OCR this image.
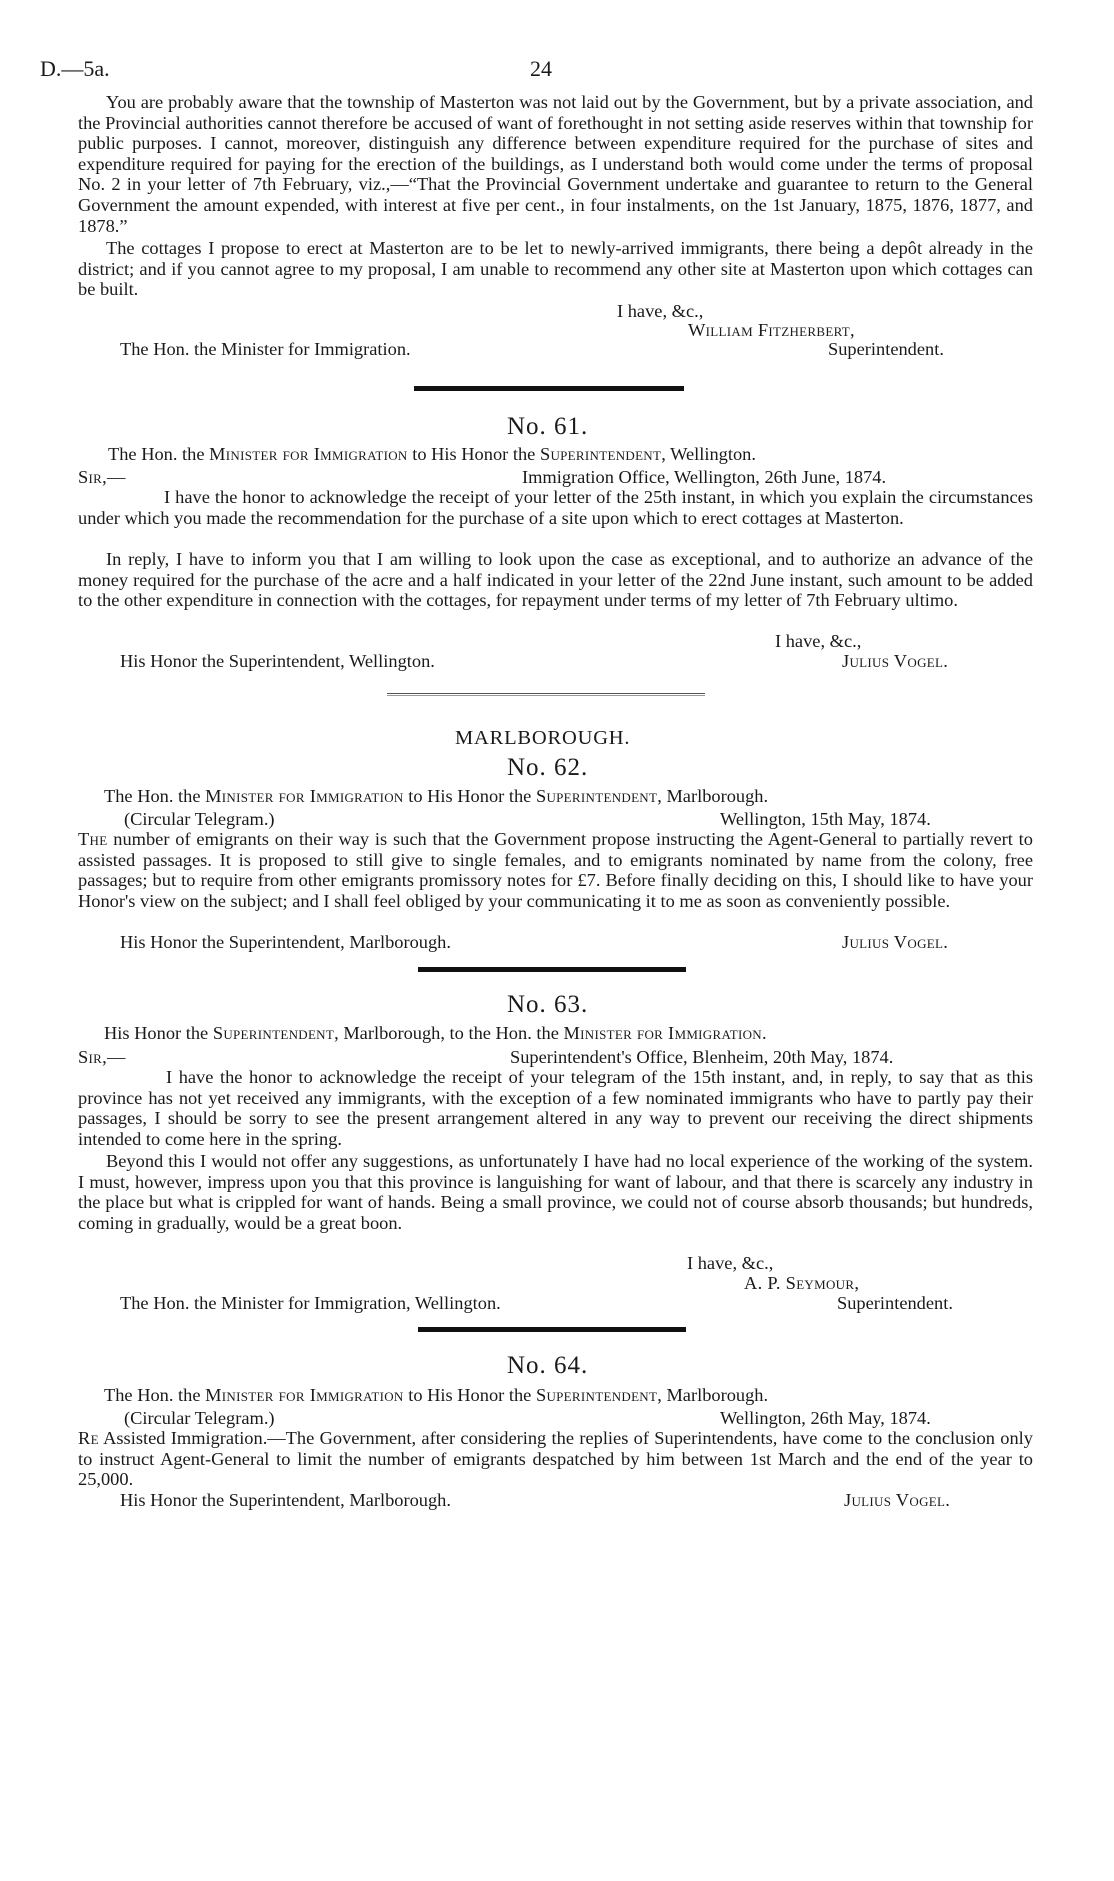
D.—5a.	24
You are probably aware that the township of Masterton was not laid out by the Government, but by a private association, and the Provincial authorities cannot therefore be accused of want of forethought in not setting aside reserves within that township for public purposes. I cannot, moreover, distinguish any difference between expenditure required for the purchase of sites and expenditure required for paying for the erection of the buildings, as I understand both would come under the terms of proposal No. 2 in your letter of 7th February, viz.,—“That the Provincial Government undertake and guarantee to return to the General Government the amount expended, with interest at five per cent., in four instalments, on the 1st January, 1875, 1876, 1877, and 1878.”
The cottages I propose to erect at Masterton are to be let to newly-arrived immigrants, there being a depôt already in the district; and if you cannot agree to my proposal, I am unable to recommend any other site at Masterton upon which cottages can be built.
I have, &c.,
William Fitzherbert,
The Hon. the Minister for Immigration.	Superintendent.
No. 61.
The Hon. the Minister for Immigration to His Honor the Superintendent, Wellington.
Sir,—	Immigration Office, Wellington, 26th June, 1874.
I have the honor to acknowledge the receipt of your letter of the 25th instant, in which you explain the circumstances under which you made the recommendation for the purchase of a site upon which to erect cottages at Masterton.
In reply, I have to inform you that I am willing to look upon the case as exceptional, and to authorize an advance of the money required for the purchase of the acre and a half indicated in your letter of the 22nd June instant, such amount to be added to the other expenditure in connection with the cottages, for repayment under terms of my letter of 7th February ultimo.
I have, &c.,
His Honor the Superintendent, Wellington.	Julius Vogel.
MARLBOROUGH.
No. 62.
The Hon. the Minister for Immigration to His Honor the Superintendent, Marlborough.
(Circular Telegram.)	Wellington, 15th May, 1874.
The number of emigrants on their way is such that the Government propose instructing the Agent-General to partially revert to assisted passages. It is proposed to still give to single females, and to emigrants nominated by name from the colony, free passages; but to require from other emigrants promissory notes for £7. Before finally deciding on this, I should like to have your Honor's view on the subject; and I shall feel obliged by your communicating it to me as soon as conveniently possible.
His Honor the Superintendent, Marlborough.	Julius Vogel.
No. 63.
His Honor the Superintendent, Marlborough, to the Hon. the Minister for Immigration.
Sir,—	Superintendent's Office, Blenheim, 20th May, 1874.
I have the honor to acknowledge the receipt of your telegram of the 15th instant, and, in reply, to say that as this province has not yet received any immigrants, with the exception of a few nominated immigrants who have to partly pay their passages, I should be sorry to see the present arrangement altered in any way to prevent our receiving the direct shipments intended to come here in the spring.
Beyond this I would not offer any suggestions, as unfortunately I have had no local experience of the working of the system. I must, however, impress upon you that this province is languishing for want of labour, and that there is scarcely any industry in the place but what is crippled for want of hands. Being a small province, we could not of course absorb thousands; but hundreds, coming in gradually, would be a great boon.
I have, &c.,
A. P. Seymour,
The Hon. the Minister for Immigration, Wellington.	Superintendent.
No. 64.
The Hon. the Minister for Immigration to His Honor the Superintendent, Marlborough.
(Circular Telegram.)	Wellington, 26th May, 1874.
Re Assisted Immigration.—The Government, after considering the replies of Superintendents, have come to the conclusion only to instruct Agent-General to limit the number of emigrants despatched by him between 1st March and the end of the year to 25,000.
His Honor the Superintendent, Marlborough.	Julius Vogel.
